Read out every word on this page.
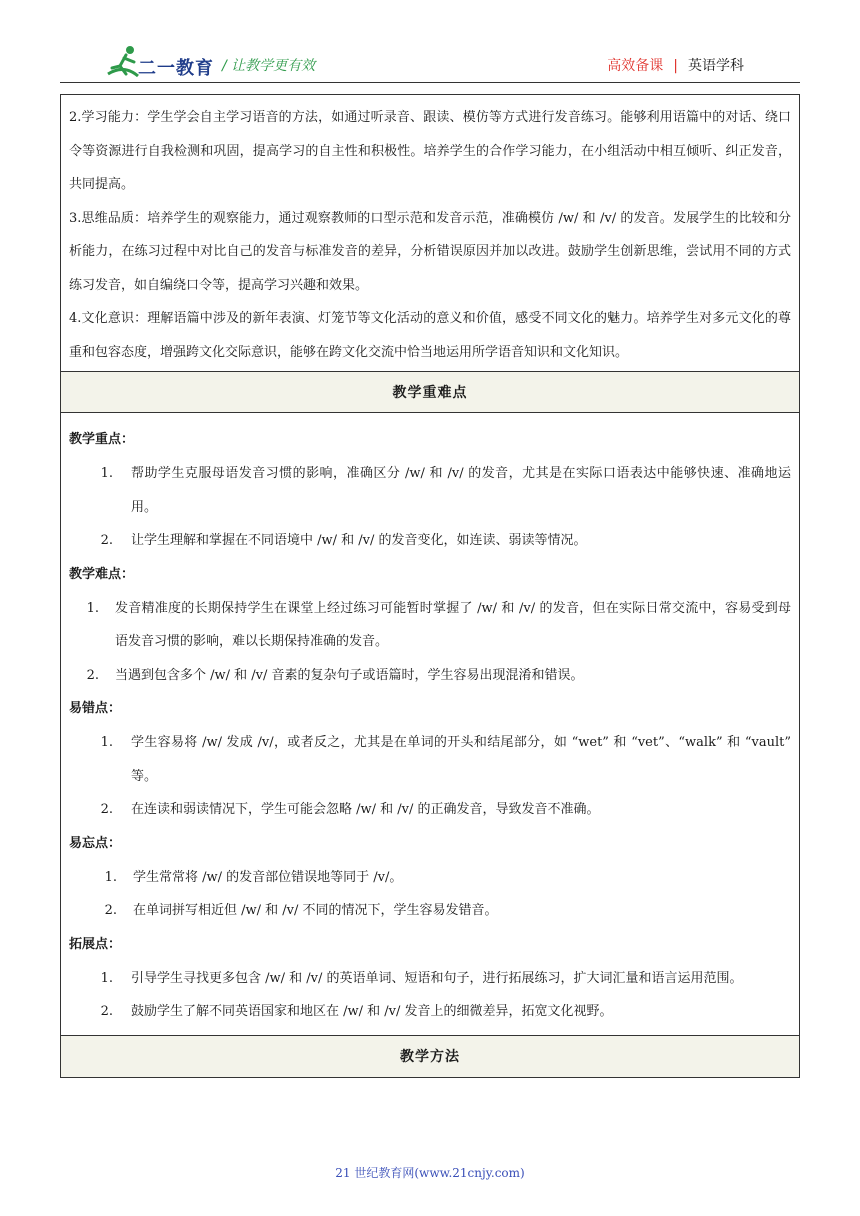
二一教育 / 让教学更有效	高效备课 | 英语学科

2.学习能力：学生学会自主学习语音的方法，如通过听录音、跟读、模仿等方式进行发音练习。能够利用语篇中的对话、绕口令等资源进行自我检测和巩固，提高学习的自主性和积极性。培养学生的合作学习能力，在小组活动中相互倾听、纠正发音，共同提高。

3.思维品质：培养学生的观察能力，通过观察教师的口型示范和发音示范，准确模仿 /w/ 和 /v/ 的发音。发展学生的比较和分析能力，在练习过程中对比自己的发音与标准发音的差异，分析错误原因并加以改进。鼓励学生创新思维，尝试用不同的方式练习发音，如自编绕口令等，提高学习兴趣和效果。

4.文化意识：理解语篇中涉及的新年表演、灯笼节等文化活动的意义和价值，感受不同文化的魅力。培养学生对多元文化的尊重和包容态度，增强跨文化交际意识，能够在跨文化交流中恰当地运用所学语音知识和文化知识。

教学重难点

教学重点：

1.	帮助学生克服母语发音习惯的影响，准确区分 /w/ 和 /v/ 的发音，尤其是在实际口语表达中能够快速、准确地运用。
2.	让学生理解和掌握在不同语境中 /w/ 和 /v/ 的发音变化，如连读、弱读等情况。

教学难点：

1.	发音精准度的长期保持学生在课堂上经过练习可能暂时掌握了 /w/ 和 /v/ 的发音，但在实际日常交流中，容易受到母语发音习惯的影响，难以长期保持准确的发音。
2.	当遇到包含多个 /w/ 和 /v/ 音素的复杂句子或语篇时，学生容易出现混淆和错误。

易错点：

1.	学生容易将 /w/ 发成 /v/，或者反之，尤其是在单词的开头和结尾部分，如 “wet” 和 “vet”、“walk” 和 “vault” 等。
2.	在连读和弱读情况下，学生可能会忽略 /w/ 和 /v/ 的正确发音，导致发音不准确。

易忘点：

1.	学生常常将 /w/ 的发音部位错误地等同于 /v/。
2.	在单词拼写相近但 /w/ 和 /v/ 不同的情况下，学生容易发错音。

拓展点：

1.	引导学生寻找更多包含 /w/ 和 /v/ 的英语单词、短语和句子，进行拓展练习，扩大词汇量和语言运用范围。
2.	鼓励学生了解不同英语国家和地区在 /w/ 和 /v/ 发音上的细微差异，拓宽文化视野。
教学方法
21 世纪教育网(www.21cnjy.com)
